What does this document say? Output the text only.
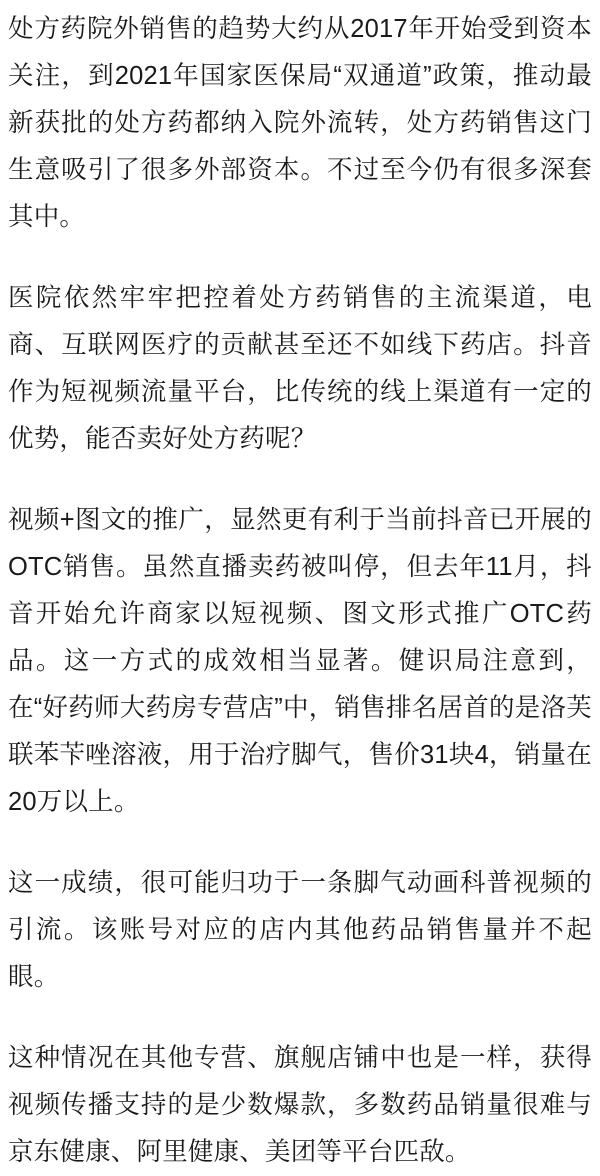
处方药院外销售的趋势大约从2017年开始受到资本关注，到2021年国家医保局“双通道”政策，推动最新获批的处方药都纳入院外流转，处方药销售这门生意吸引了很多外部资本。不过至今仍有很多深套其中。

医院依然牢牢把控着处方药销售的主流渠道，电商、互联网医疗的贡献甚至还不如线下药店。抖音作为短视频流量平台，比传统的线上渠道有一定的优势，能否卖好处方药呢？

视频+图文的推广，显然更有利于当前抖音已开展的OTC销售。虽然直播卖药被叫停，但去年11月，抖音开始允许商家以短视频、图文形式推广OTC药品。这一方式的成效相当显著。健识局注意到，在“好药师大药房专营店”中，销售排名居首的是洛芙联苯苄唑溶液，用于治疗脚气，售价31块4，销量在20万以上。

这一成绩，很可能归功于一条脚气动画科普视频的引流。该账号对应的店内其他药品销售量并不起眼。

这种情况在其他专营、旗舰店铺中也是一样，获得视频传播支持的是少数爆款，多数药品销量很难与京东健康、阿里健康、美团等平台匹敌。
